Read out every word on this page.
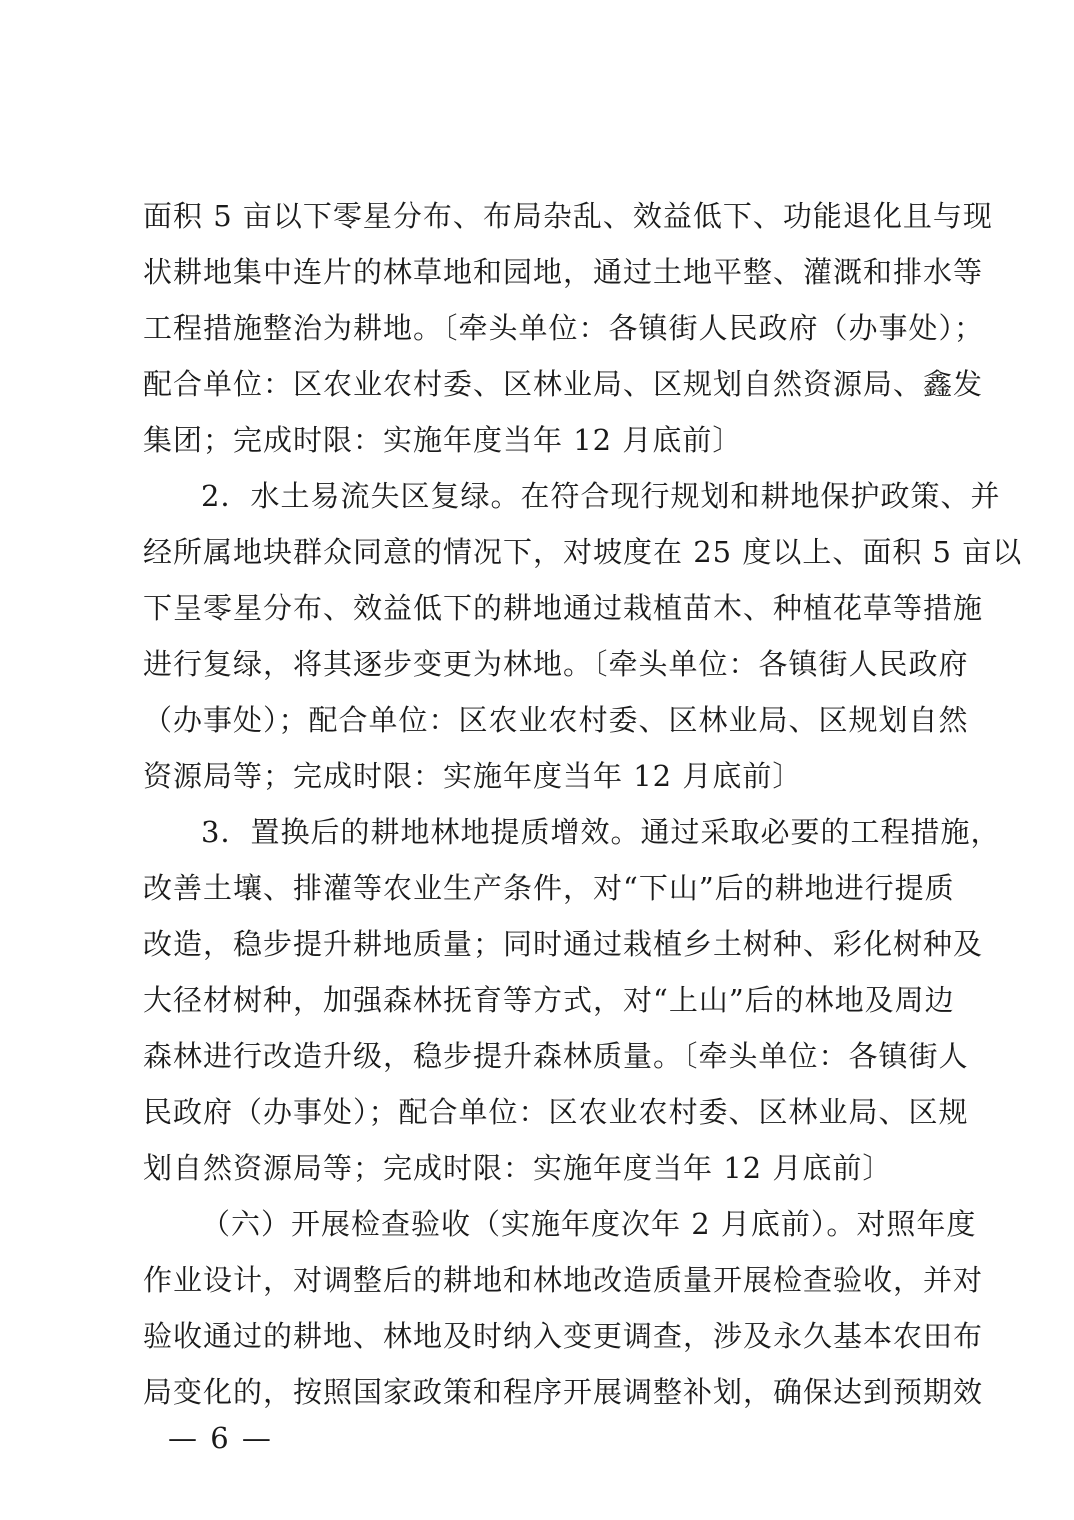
面积 5 亩以下零星分布、布局杂乱、效益低下、功能退化且与现
状耕地集中连片的林草地和园地，通过土地平整、灌溉和排水等
工程措施整治为耕地。〔牵头单位：各镇街人民政府（办事处）；
配合单位：区农业农村委、区林业局、区规划自然资源局、鑫发
集团；完成时限：实施年度当年 12 月底前〕
2．水土易流失区复绿。在符合现行规划和耕地保护政策、并
经所属地块群众同意的情况下，对坡度在 25 度以上、面积 5 亩以
下呈零星分布、效益低下的耕地通过栽植苗木、种植花草等措施
进行复绿，将其逐步变更为林地。〔牵头单位：各镇街人民政府
（办事处）；配合单位：区农业农村委、区林业局、区规划自然
资源局等；完成时限：实施年度当年 12 月底前〕
3．置换后的耕地林地提质增效。通过采取必要的工程措施，
改善土壤、排灌等农业生产条件，对“下山”后的耕地进行提质
改造，稳步提升耕地质量；同时通过栽植乡土树种、彩化树种及
大径材树种，加强森林抚育等方式，对“上山”后的林地及周边
森林进行改造升级，稳步提升森林质量。〔牵头单位：各镇街人
民政府（办事处）；配合单位：区农业农村委、区林业局、区规
划自然资源局等；完成时限：实施年度当年 12 月底前〕
（六）开展检查验收（实施年度次年 2 月底前）。对照年度
作业设计，对调整后的耕地和林地改造质量开展检查验收，并对
验收通过的耕地、林地及时纳入变更调查，涉及永久基本农田布
局变化的，按照国家政策和程序开展调整补划，确保达到预期效
— 6 —
